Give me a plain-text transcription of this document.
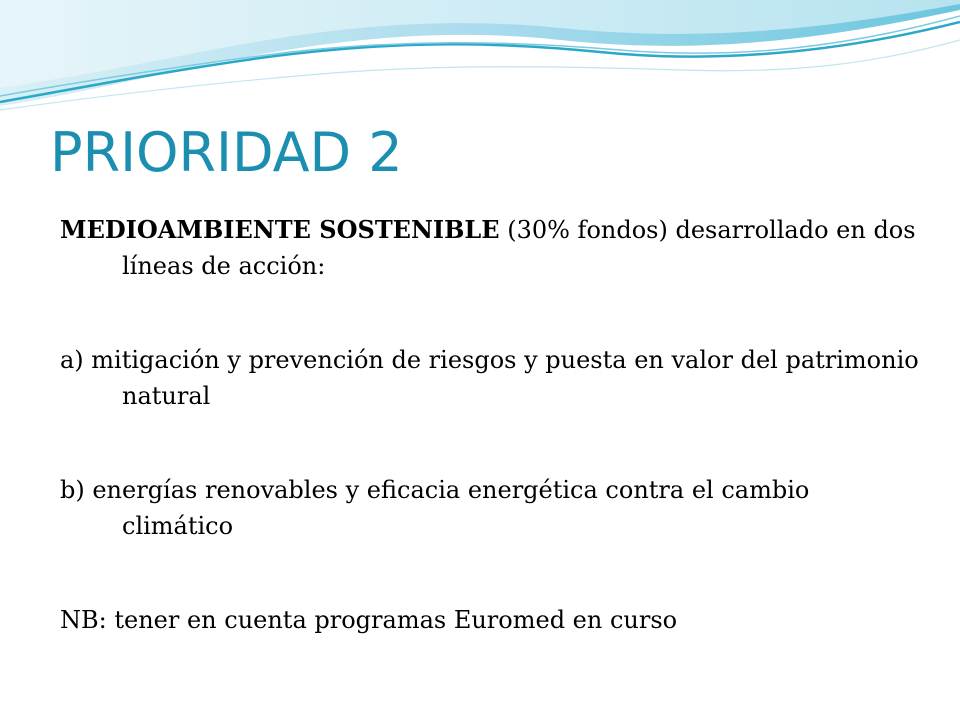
PRIORIDAD 2

MEDIOAMBIENTE SOSTENIBLE (30% fondos) desarrollado en dos líneas de acción:

a) mitigación y prevención de riesgos y puesta en valor del patrimonio natural

b) energías renovables y eficacia energética contra el cambio climático

NB: tener en cuenta programas Euromed en curso
